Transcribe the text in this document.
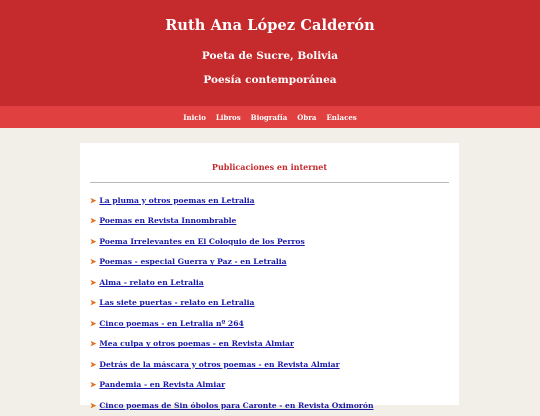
Ruth Ana López Calderón
Poeta de Sucre, Bolivia
Poesía contemporánea
Inicio Libros Biografía Obra Enlaces
Publicaciones en internet
➤ La pluma y otros poemas en Letralia
➤ Poemas en Revista Innombrable
➤ Poema Irrelevantes en El Coloquio de los Perros
➤ Poemas - especial Guerra y Paz - en Letralia
➤ Alma - relato en Letralia
➤ Las siete puertas - relato en Letralia
➤ Cinco poemas - en Letralia nº 264
➤ Mea culpa y otros poemas - en Revista Almiar
➤ Detrás de la máscara y otros poemas - en Revista Almiar
➤ Pandemia - en Revista Almiar
➤ Cinco poemas de Sin óbolos para Caronte - en Revista Oximorón
